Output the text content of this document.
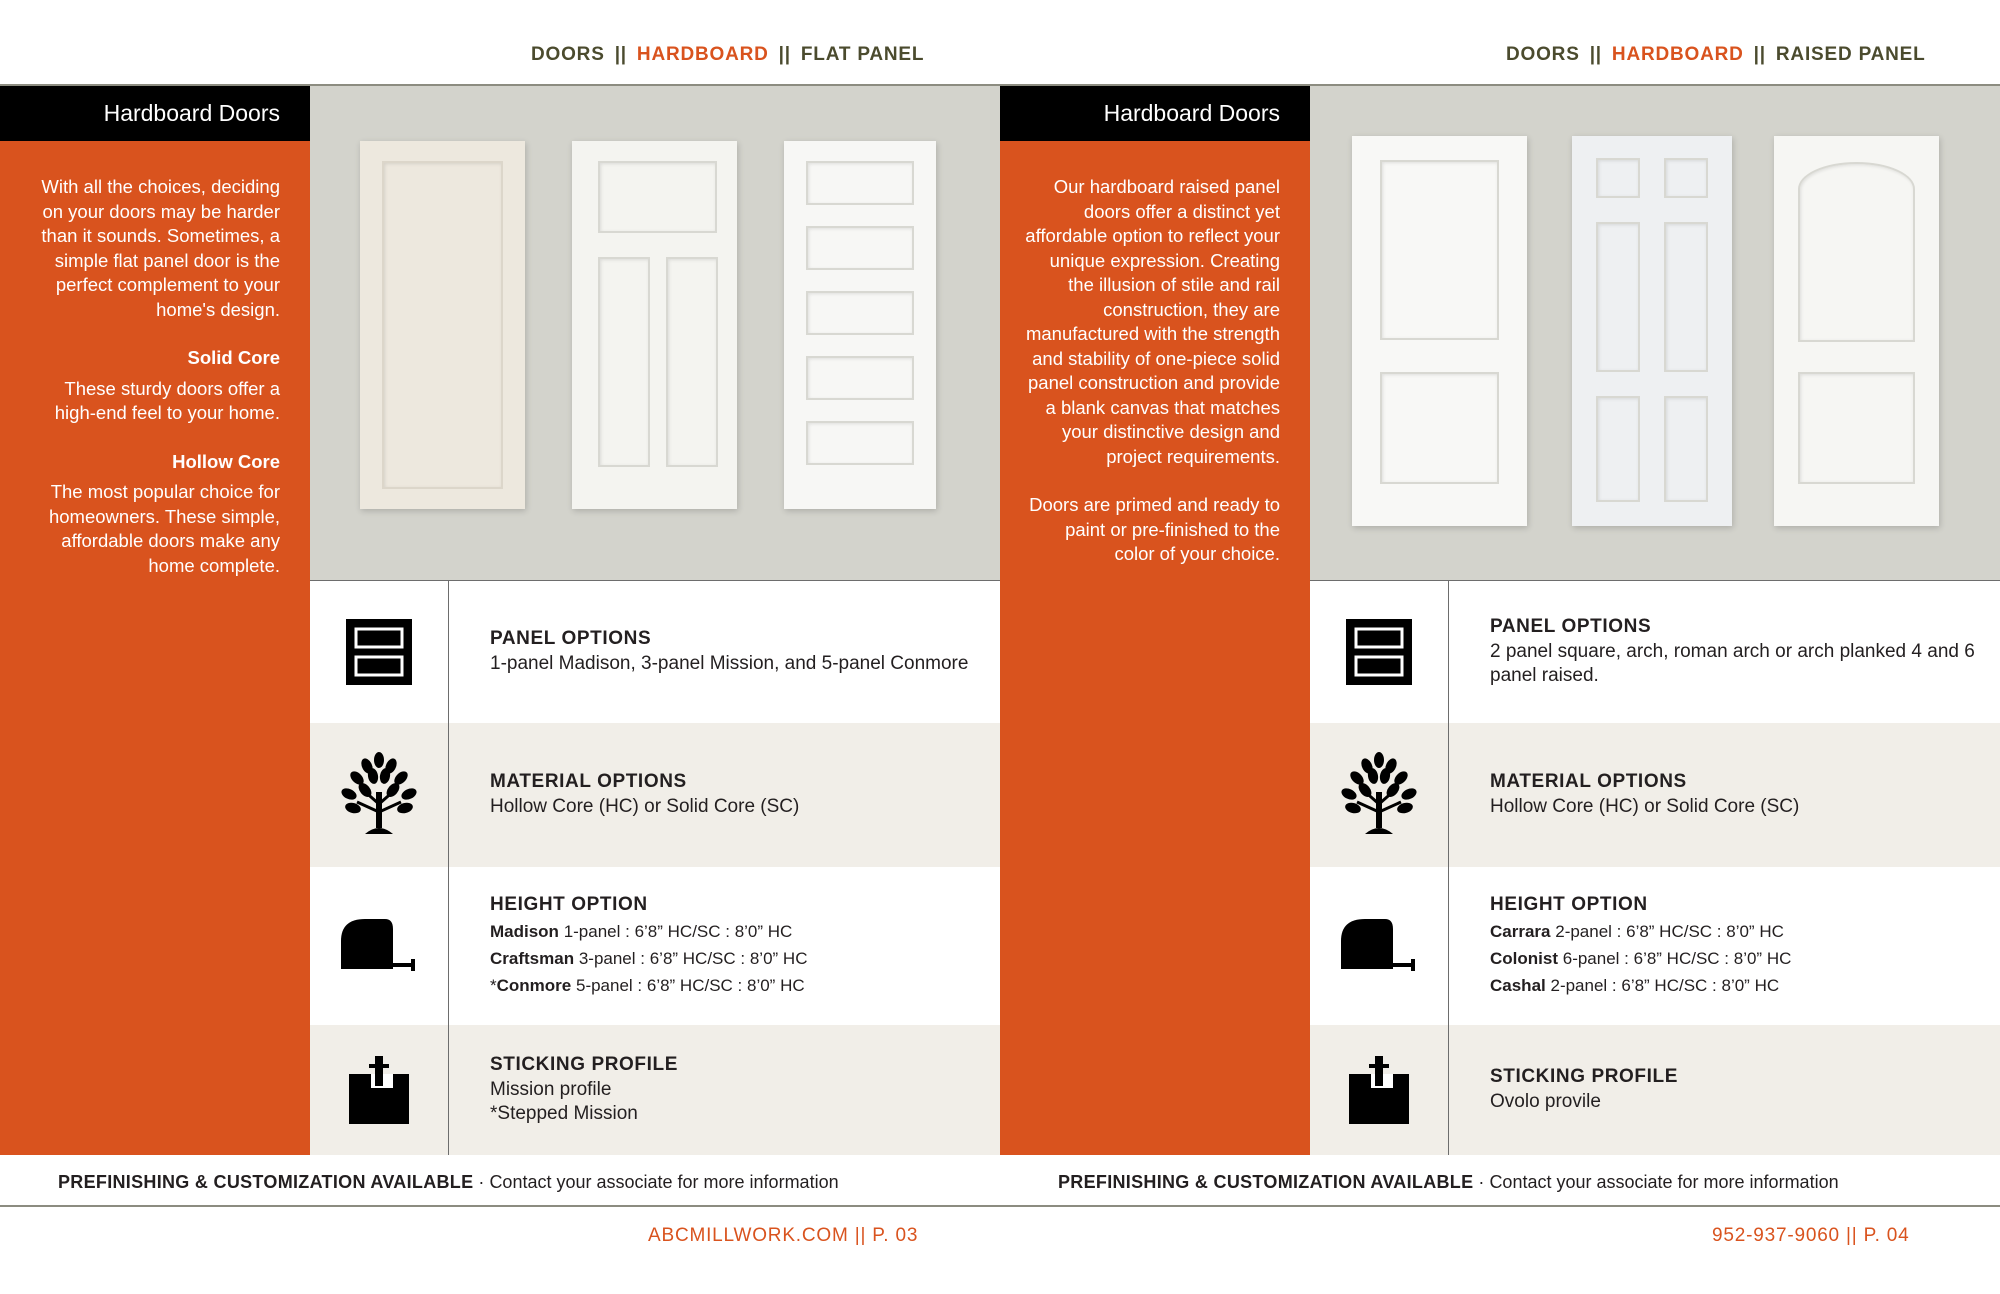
DOORS || HARDBOARD || FLAT PANEL
Hardboard Doors

With all the choices, deciding on your doors may be harder than it sounds. Sometimes, a simple flat panel door is the perfect complement to your home's design.

Solid Core

These sturdy doors offer a high-end feel to your home.

Hollow Core

The most popular choice for homeowners. These simple, affordable doors make any home complete.

PANEL OPTIONS
1-panel Madison, 3-panel Mission, and 5-panel Conmore
MATERIAL OPTIONS
Hollow Core (HC) or Solid Core (SC)
HEIGHT OPTION
Madison 1-panel : 6’8” HC/SC : 8’0” HC
Craftsman 3-panel : 6’8” HC/SC : 8’0” HC
*Conmore 5-panel : 6’8” HC/SC : 8’0” HC
STICKING PROFILE
Mission profile
*Stepped Mission
PREFINISHING & CUSTOMIZATION AVAILABLE · Contact your associate for more information
ABCMILLWORK.COM || P. 03
DOORS || HARDBOARD || RAISED PANEL
Hardboard Doors

Our hardboard raised panel doors offer a distinct yet affordable option to reflect your unique expression. Creating the illusion of stile and rail construction, they are manufactured with the strength and stability of one-piece solid panel construction and provide a blank canvas that matches your distinctive design and project requirements.

Doors are primed and ready to paint or pre-finished to the color of your choice.

PANEL OPTIONS
2 panel square, arch, roman arch or arch planked 4 and 6 panel raised.
MATERIAL OPTIONS
Hollow Core (HC) or Solid Core (SC)
HEIGHT OPTION
Carrara 2-panel : 6’8” HC/SC : 8’0” HC
Colonist 6-panel : 6’8” HC/SC : 8’0” HC
Cashal 2-panel : 6’8” HC/SC : 8’0” HC
STICKING PROFILE
Ovolo provile
PREFINISHING & CUSTOMIZATION AVAILABLE · Contact your associate for more information
952-937-9060 || P. 04
